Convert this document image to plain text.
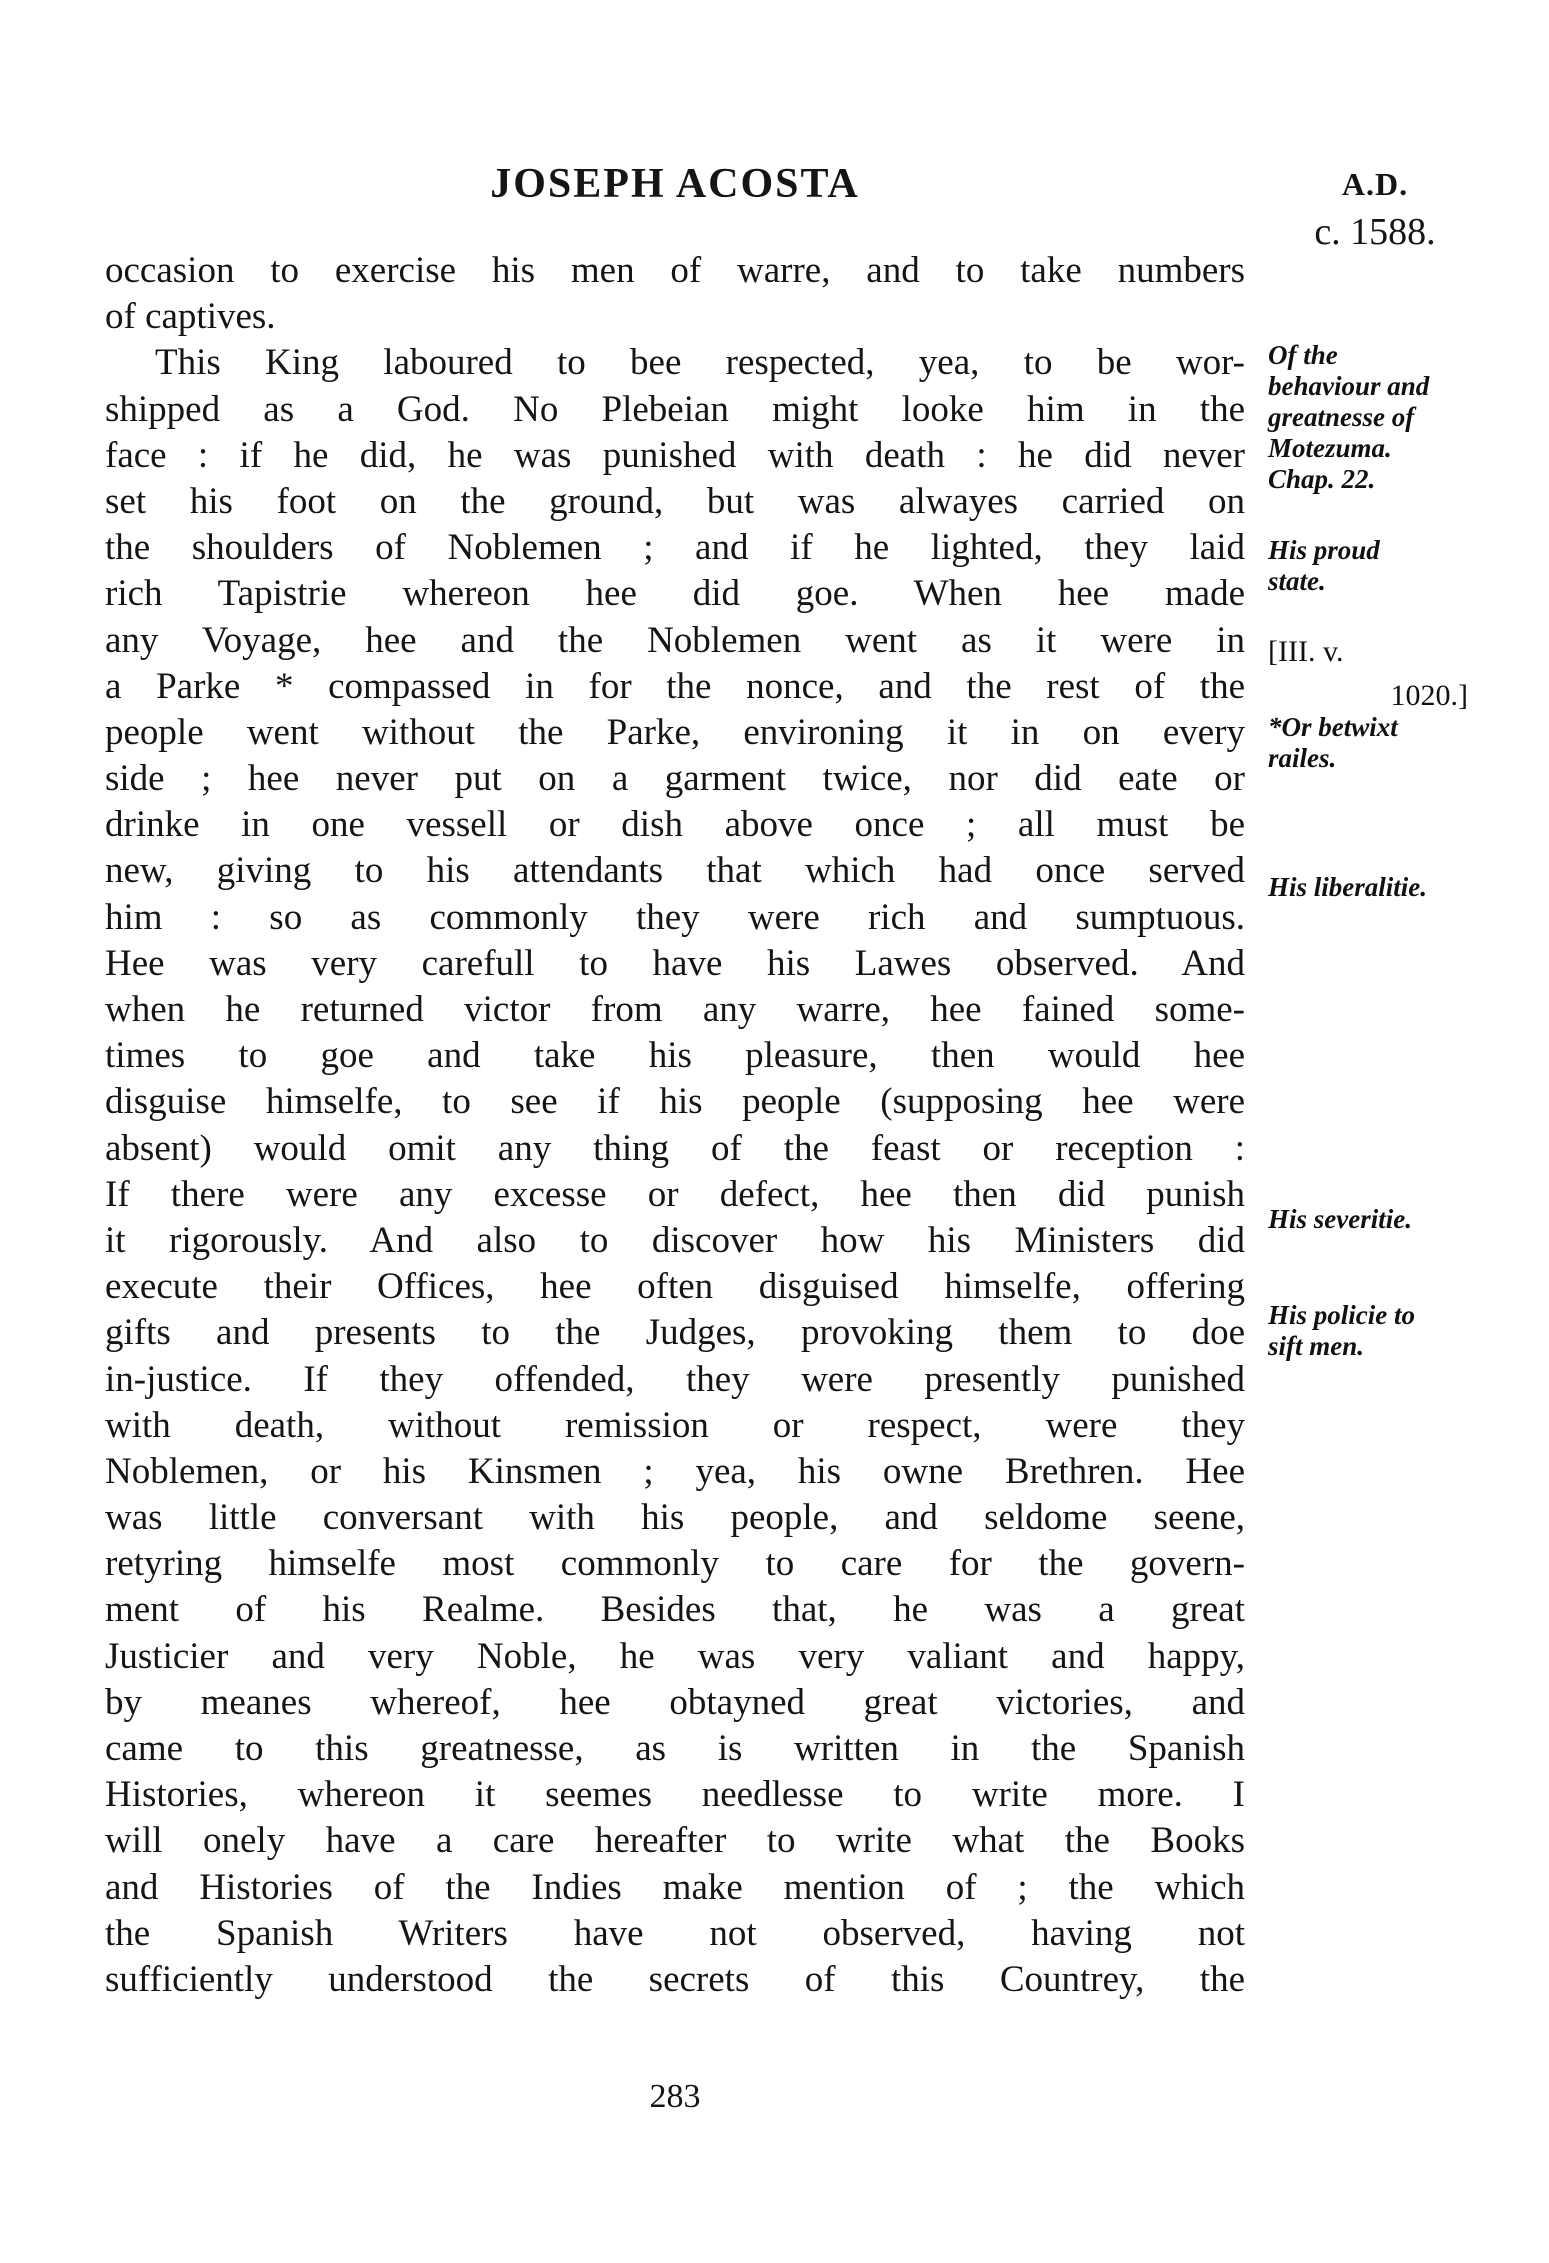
JOSEPH ACOSTA	A.D.
c. 1588.
occasion to exercise his men of warre, and to take numbers
of captives.
This King laboured to bee respected, yea, to be wor-
shipped as a God. No Plebeian might looke him in the
face : if he did, he was punished with death : he did never
set his foot on the ground, but was alwayes carried on
the shoulders of Noblemen ; and if he lighted, they laid
rich Tapistrie whereon hee did goe. When hee made
any Voyage, hee and the Noblemen went as it were in
a Parke * compassed in for the nonce, and the rest of the
people went without the Parke, environing it in on every
side ; hee never put on a garment twice, nor did eate or
drinke in one vessell or dish above once ; all must be
new, giving to his attendants that which had once served
him : so as commonly they were rich and sumptuous.
Hee was very carefull to have his Lawes observed. And
when he returned victor from any warre, hee fained some-
times to goe and take his pleasure, then would hee
disguise himselfe, to see if his people (supposing hee were
absent) would omit any thing of the feast or reception :
If there were any excesse or defect, hee then did punish
it rigorously. And also to discover how his Ministers did
execute their Offices, hee often disguised himselfe, offering
gifts and presents to the Judges, provoking them to doe
in-justice. If they offended, they were presently punished
with death, without remission or respect, were they
Noblemen, or his Kinsmen ; yea, his owne Brethren. Hee
was little conversant with his people, and seldome seene,
retyring himselfe most commonly to care for the govern-
ment of his Realme. Besides that, he was a great
Justicier and very Noble, he was very valiant and happy,
by meanes whereof, hee obtayned great victories, and
came to this greatnesse, as is written in the Spanish
Histories, whereon it seemes needlesse to write more. I
will onely have a care hereafter to write what the Books
and Histories of the Indies make mention of ; the which
the Spanish Writers have not observed, having not
sufficiently understood the secrets of this Countrey, the
Of the
behaviour and
greatnesse of
Motezuma.
Chap. 22.
His proud
state.
[III. v.
1020.]
*Or betwixt
railes.
His liberalitie.
His severitie.
His policie to
sift men.
283
